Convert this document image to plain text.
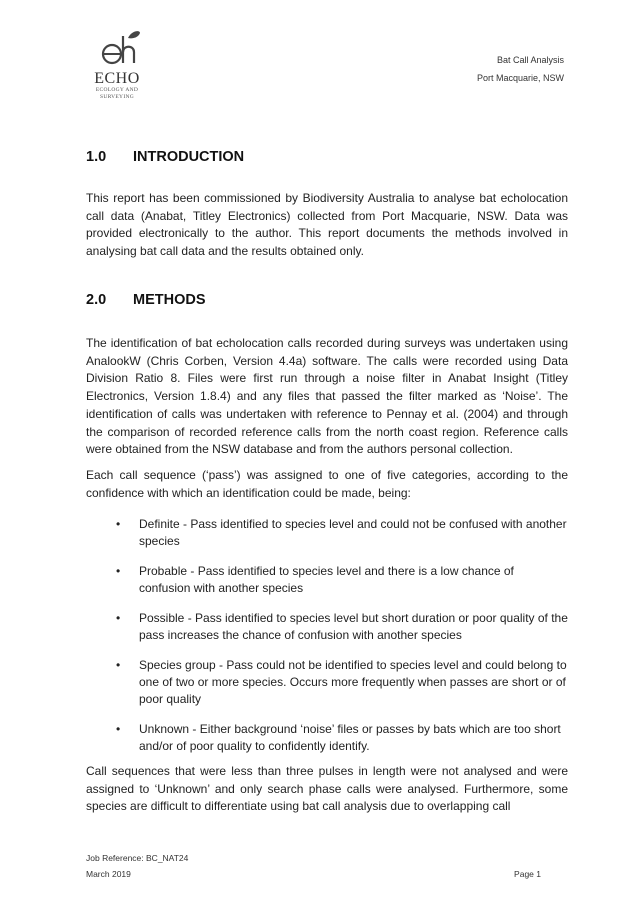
ECHO
ECOLOGY AND
SURVEYING
Bat Call Analysis
Port Macquarie, NSW
1.0 INTRODUCTION

This report has been commissioned by Biodiversity Australia to analyse bat echolocation call data (Anabat, Titley Electronics) collected from Port Macquarie, NSW. Data was provided electronically to the author. This report documents the methods involved in analysing bat call data and the results obtained only.

2.0 METHODS

The identification of bat echolocation calls recorded during surveys was undertaken using AnalookW (Chris Corben, Version 4.4a) software. The calls were recorded using Data Division Ratio 8. Files were first run through a noise filter in Anabat Insight (Titley Electronics, Version 1.8.4) and any files that passed the filter marked as ‘Noise’. The identification of calls was undertaken with reference to Pennay et al. (2004) and through the comparison of recorded reference calls from the north coast region. Reference calls were obtained from the NSW database and from the authors personal collection.

Each call sequence (‘pass’) was assigned to one of five categories, according to the confidence with which an identification could be made, being:

• Definite - Pass identified to species level and could not be confused with another species
• Probable - Pass identified to species level and there is a low chance of confusion with another species
• Possible - Pass identified to species level but short duration or poor quality of the pass increases the chance of confusion with another species
• Species group - Pass could not be identified to species level and could belong to one of two or more species. Occurs more frequently when passes are short or of poor quality
• Unknown - Either background ‘noise’ files or passes by bats which are too short and/or of poor quality to confidently identify.

Call sequences that were less than three pulses in length were not analysed and were assigned to ‘Unknown’ and only search phase calls were analysed. Furthermore, some species are difficult to differentiate using bat call analysis due to overlapping call

Job Reference: BC_NAT24
March 2019	Page 1
